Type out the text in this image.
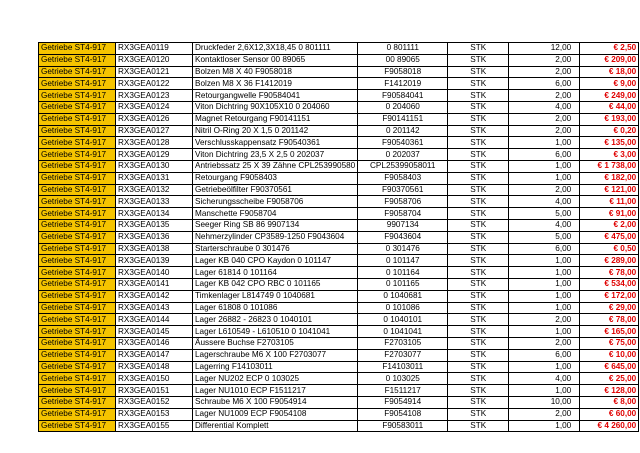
Getriebe ST4-917	RX3GEA0119	Druckfeder 2,6X12,3X18,45 0 801111	0 801111	STK	12,00	€ 2,50
Getriebe ST4-917	RX3GEA0120	Kontaktloser Sensor 00 89065	00 89065	STK	2,00	€ 209,00
Getriebe ST4-917	RX3GEA0121	Bolzen M8 X 40 F9058018	F9058018	STK	2,00	€ 18,00
Getriebe ST4-917	RX3GEA0122	Bolzen M8 X 36 F1412019	F1412019	STK	6,00	€ 9,00
Getriebe ST4-917	RX3GEA0123	Retourgangwelle F90584041	F90584041	STK	2,00	€ 249,00
Getriebe ST4-917	RX3GEA0124	Viton Dichtring 90X105X10 0 204060	0 204060	STK	4,00	€ 44,00
Getriebe ST4-917	RX3GEA0126	Magnet Retourgang F90141151	F90141151	STK	2,00	€ 193,00
Getriebe ST4-917	RX3GEA0127	Nitril O-Ring 20 X 1,5 0 201142	0 201142	STK	2,00	€ 0,20
Getriebe ST4-917	RX3GEA0128	Verschlusskappensatz F90540361	F90540361	STK	1,00	€ 135,00
Getriebe ST4-917	RX3GEA0129	Viton Dichtring 23,5 X 2,5 0 202037	0 202037	STK	6,00	€ 3,00
Getriebe ST4-917	RX3GEA0130	Antriebssatz 25 X 39 Zähne CPL253990580	CPL25399058011	STK	1,00	€ 1 738,00
Getriebe ST4-917	RX3GEA0131	Retourgang F9058403	F9058403	STK	1,00	€ 182,00
Getriebe ST4-917	RX3GEA0132	Getriebeölfilter F90370561	F90370561	STK	2,00	€ 121,00
Getriebe ST4-917	RX3GEA0133	Sicherungsscheibe F9058706	F9058706	STK	4,00	€ 11,00
Getriebe ST4-917	RX3GEA0134	Manschette F9058704	F9058704	STK	5,00	€ 91,00
Getriebe ST4-917	RX3GEA0135	Seeger Ring SB 86 9907134	9907134	STK	4,00	€ 2,00
Getriebe ST4-917	RX3GEA0136	Nehmerzylinder CP3589-1250 F9043604	F9043604	STK	5,00	€ 475,00
Getriebe ST4-917	RX3GEA0138	Starterschraube 0 301476	0 301476	STK	6,00	€ 0,50
Getriebe ST4-917	RX3GEA0139	Lager KB 040 CPO Kaydon 0 101147	0 101147	STK	1,00	€ 289,00
Getriebe ST4-917	RX3GEA0140	Lager 61814 0 101164	0 101164	STK	1,00	€ 78,00
Getriebe ST4-917	RX3GEA0141	Lager KB 042 CPO RBC 0 101165	0 101165	STK	1,00	€ 534,00
Getriebe ST4-917	RX3GEA0142	Timkenlager L814749 0 1040681	0 1040681	STK	1,00	€ 172,00
Getriebe ST4-917	RX3GEA0143	Lager 61808 0 101086	0 101086	STK	1,00	€ 29,00
Getriebe ST4-917	RX3GEA0144	Lager 26882 - 26823 0 1040101	0 1040101	STK	2,00	€ 78,00
Getriebe ST4-917	RX3GEA0145	Lager L610549 - L610510 0 1041041	0 1041041	STK	1,00	€ 165,00
Getriebe ST4-917	RX3GEA0146	Äussere Buchse F2703105	F2703105	STK	2,00	€ 75,00
Getriebe ST4-917	RX3GEA0147	Lagerschraube M6 X 100 F2703077	F2703077	STK	6,00	€ 10,00
Getriebe ST4-917	RX3GEA0148	Lagerring F14103011	F14103011	STK	1,00	€ 645,00
Getriebe ST4-917	RX3GEA0150	Lager NU202 ECP 0 103025	0 103025	STK	4,00	€ 25,00
Getriebe ST4-917	RX3GEA0151	Lager NU1010 ECP F1511217	F1511217	STK	1,00	€ 128,00
Getriebe ST4-917	RX3GEA0152	Schraube M6 X 100 F9054914	F9054914	STK	10,00	€ 8,00
Getriebe ST4-917	RX3GEA0153	Lager NU1009 ECP F9054108	F9054108	STK	2,00	€ 60,00
Getriebe ST4-917	RX3GEA0155	Differential Komplett	F90583011	STK	1,00	€ 4 260,00
